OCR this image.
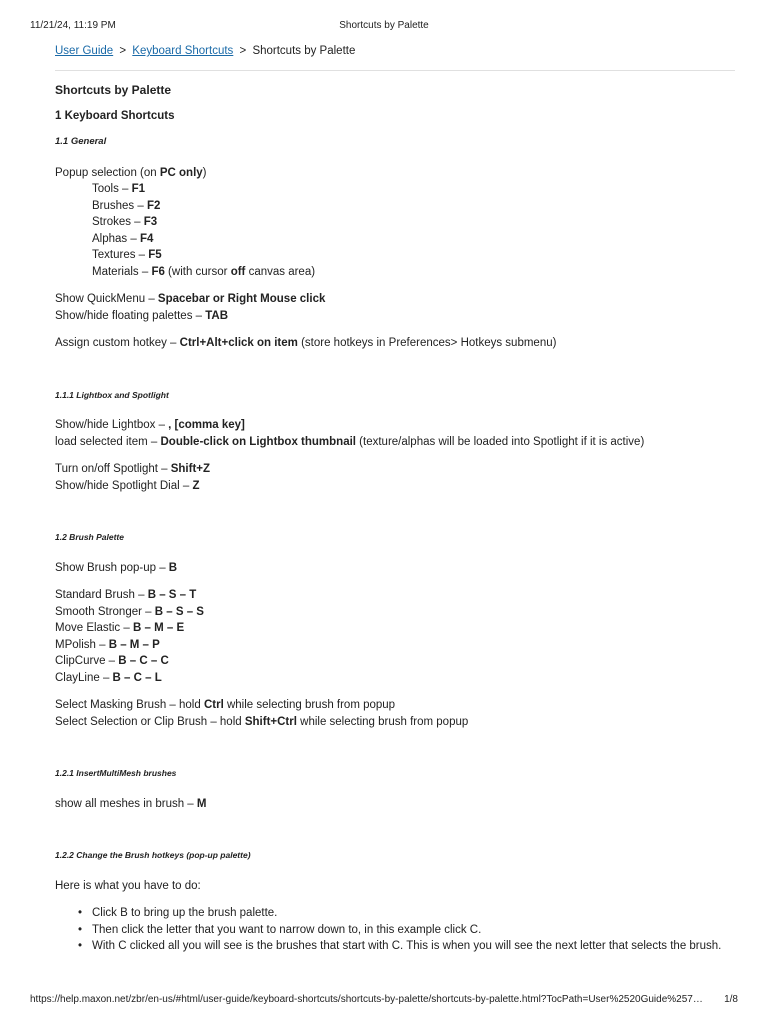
11/21/24, 11:19 PM	Shortcuts by Palette
User Guide > Keyboard Shortcuts > Shortcuts by Palette
Shortcuts by Palette
1 Keyboard Shortcuts
1.1 General
Popup selection (on PC only)
Tools – F1
Brushes – F2
Strokes – F3
Alphas – F4
Textures – F5
Materials – F6 (with cursor off canvas area)
Show QuickMenu – Spacebar or Right Mouse click
Show/hide floating palettes – TAB
Assign custom hotkey – Ctrl+Alt+click on item (store hotkeys in Preferences> Hotkeys submenu)
1.1.1 Lightbox and Spotlight
Show/hide Lightbox – , [comma key]
load selected item – Double-click on Lightbox thumbnail (texture/alphas will be loaded into Spotlight if it is active)
Turn on/off Spotlight – Shift+Z
Show/hide Spotlight Dial – Z
1.2 Brush Palette
Show Brush pop-up – B
Standard Brush – B – S – T
Smooth Stronger – B – S – S
Move Elastic – B – M – E
MPolish – B – M – P
ClipCurve – B – C – C
ClayLine – B – C – L
Select Masking Brush – hold Ctrl while selecting brush from popup
Select Selection or Clip Brush – hold Shift+Ctrl while selecting brush from popup
1.2.1 InsertMultiMesh brushes
show all meshes in brush – M
1.2.2 Change the Brush hotkeys (pop-up palette)
Here is what you have to do:
• Click B to bring up the brush palette.
• Then click the letter that you want to narrow down to, in this example click C.
• With C clicked all you will see is the brushes that start with C. This is when you will see the next letter that selects the brush.
https://help.maxon.net/zbr/en-us/#html/user-guide/keyboard-shortcuts/shortcuts-by-palette/shortcuts-by-palette.html?TocPath=User%2520Guide%257…	1/8
